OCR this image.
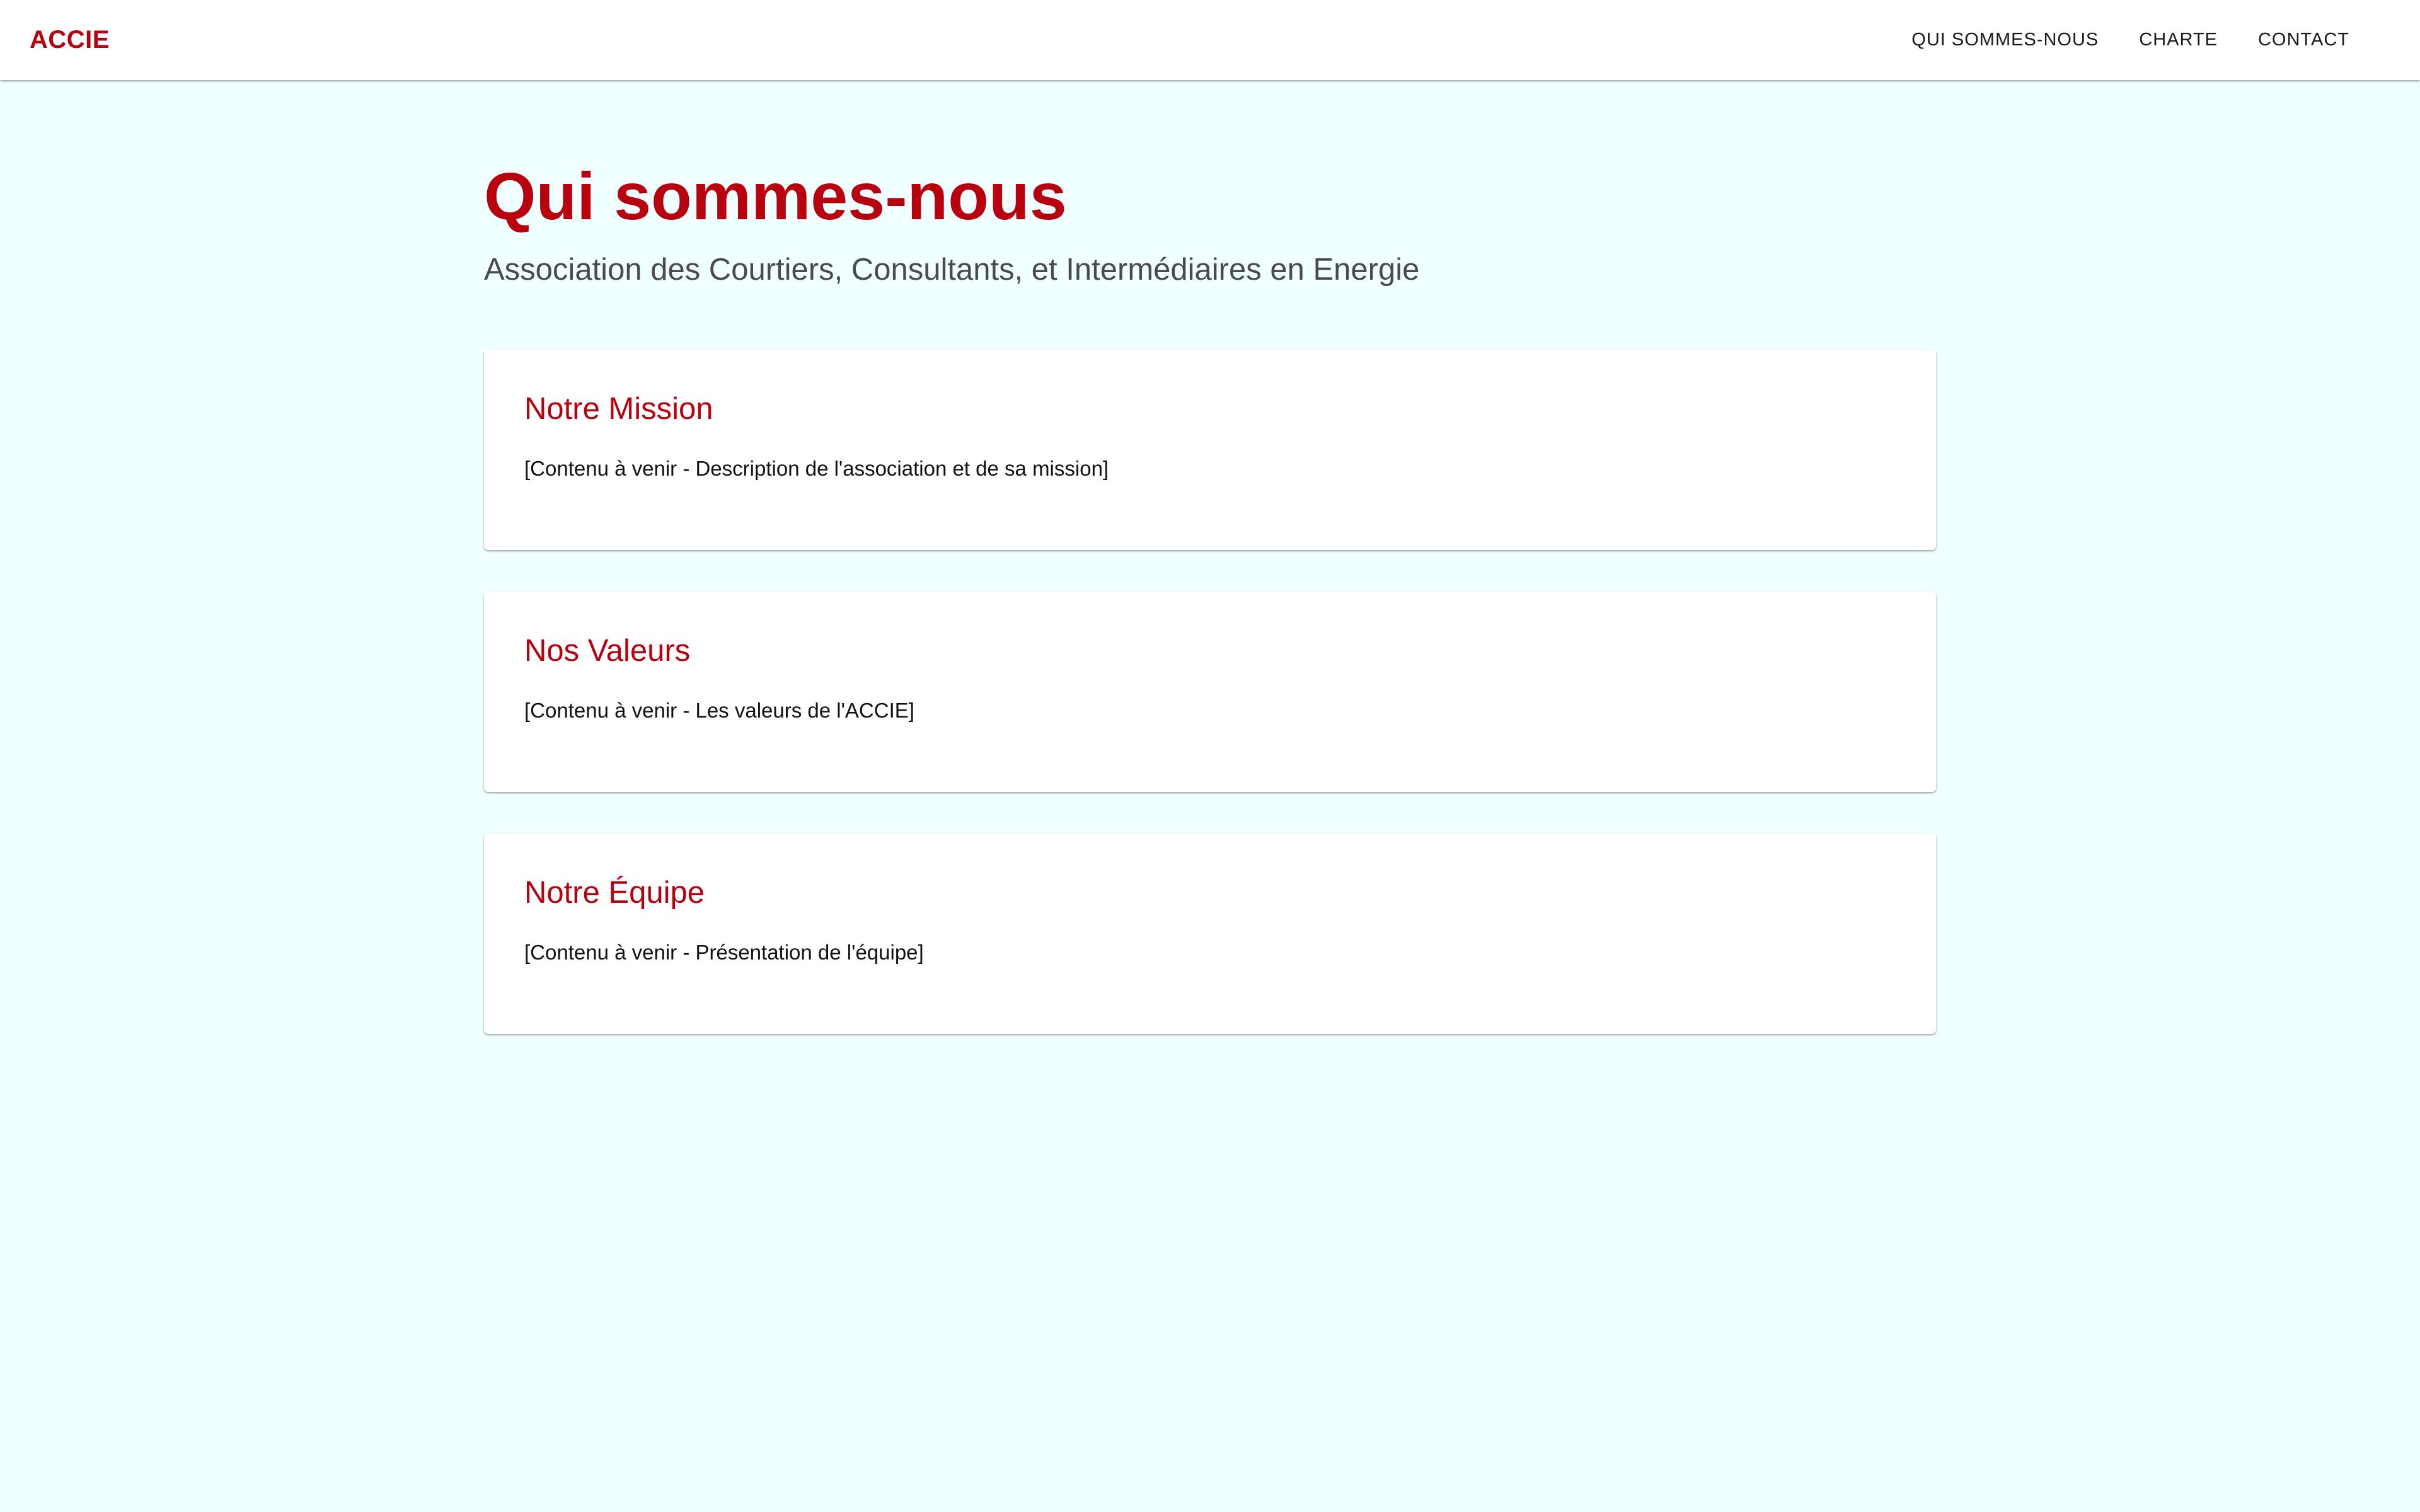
ACCIE	QUI SOMMES-NOUS	CHARTE	CONTACT
Qui sommes-nous

Association des Courtiers, Consultants, et Intermédiaires en Energie

Notre Mission

[Contenu à venir - Description de l'association et de sa mission]

Nos Valeurs

[Contenu à venir - Les valeurs de l'ACCIE]

Notre Équipe

[Contenu à venir - Présentation de l'équipe]
